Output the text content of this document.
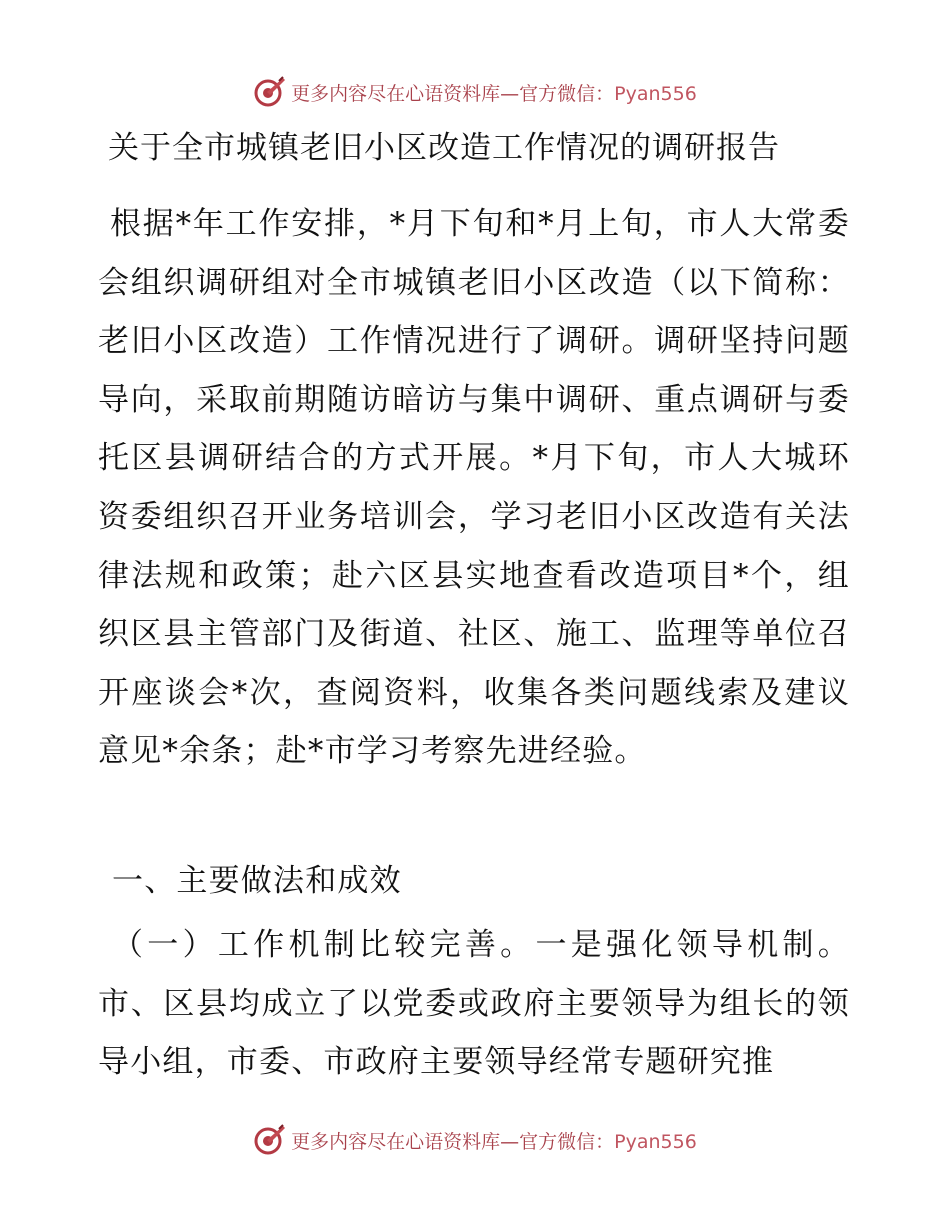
更多内容尽在心语资料库—官方微信：Pyan556
关于全市城镇老旧小区改造工作情况的调研报告

根据*年工作安排，*月下旬和*月上旬，市人大常委会组织调研组对全市城镇老旧小区改造（以下简称：老旧小区改造）工作情况进行了调研。调研坚持问题导向，采取前期随访暗访与集中调研、重点调研与委托区县调研结合的方式开展。*月下旬，市人大城环资委组织召开业务培训会，学习老旧小区改造有关法律法规和政策；赴六区县实地查看改造项目*个，组织区县主管部门及街道、社区、施工、监理等单位召开座谈会*次，查阅资料，收集各类问题线索及建议意见*余条；赴*市学习考察先进经验。

一、主要做法和成效

（一）工作机制比较完善。一是强化领导机制。市、区县均成立了以党委或政府主要领导为组长的领导小组，市委、市政府主要领导经常专题研究推

更多内容尽在心语资料库—官方微信：Pyan556
